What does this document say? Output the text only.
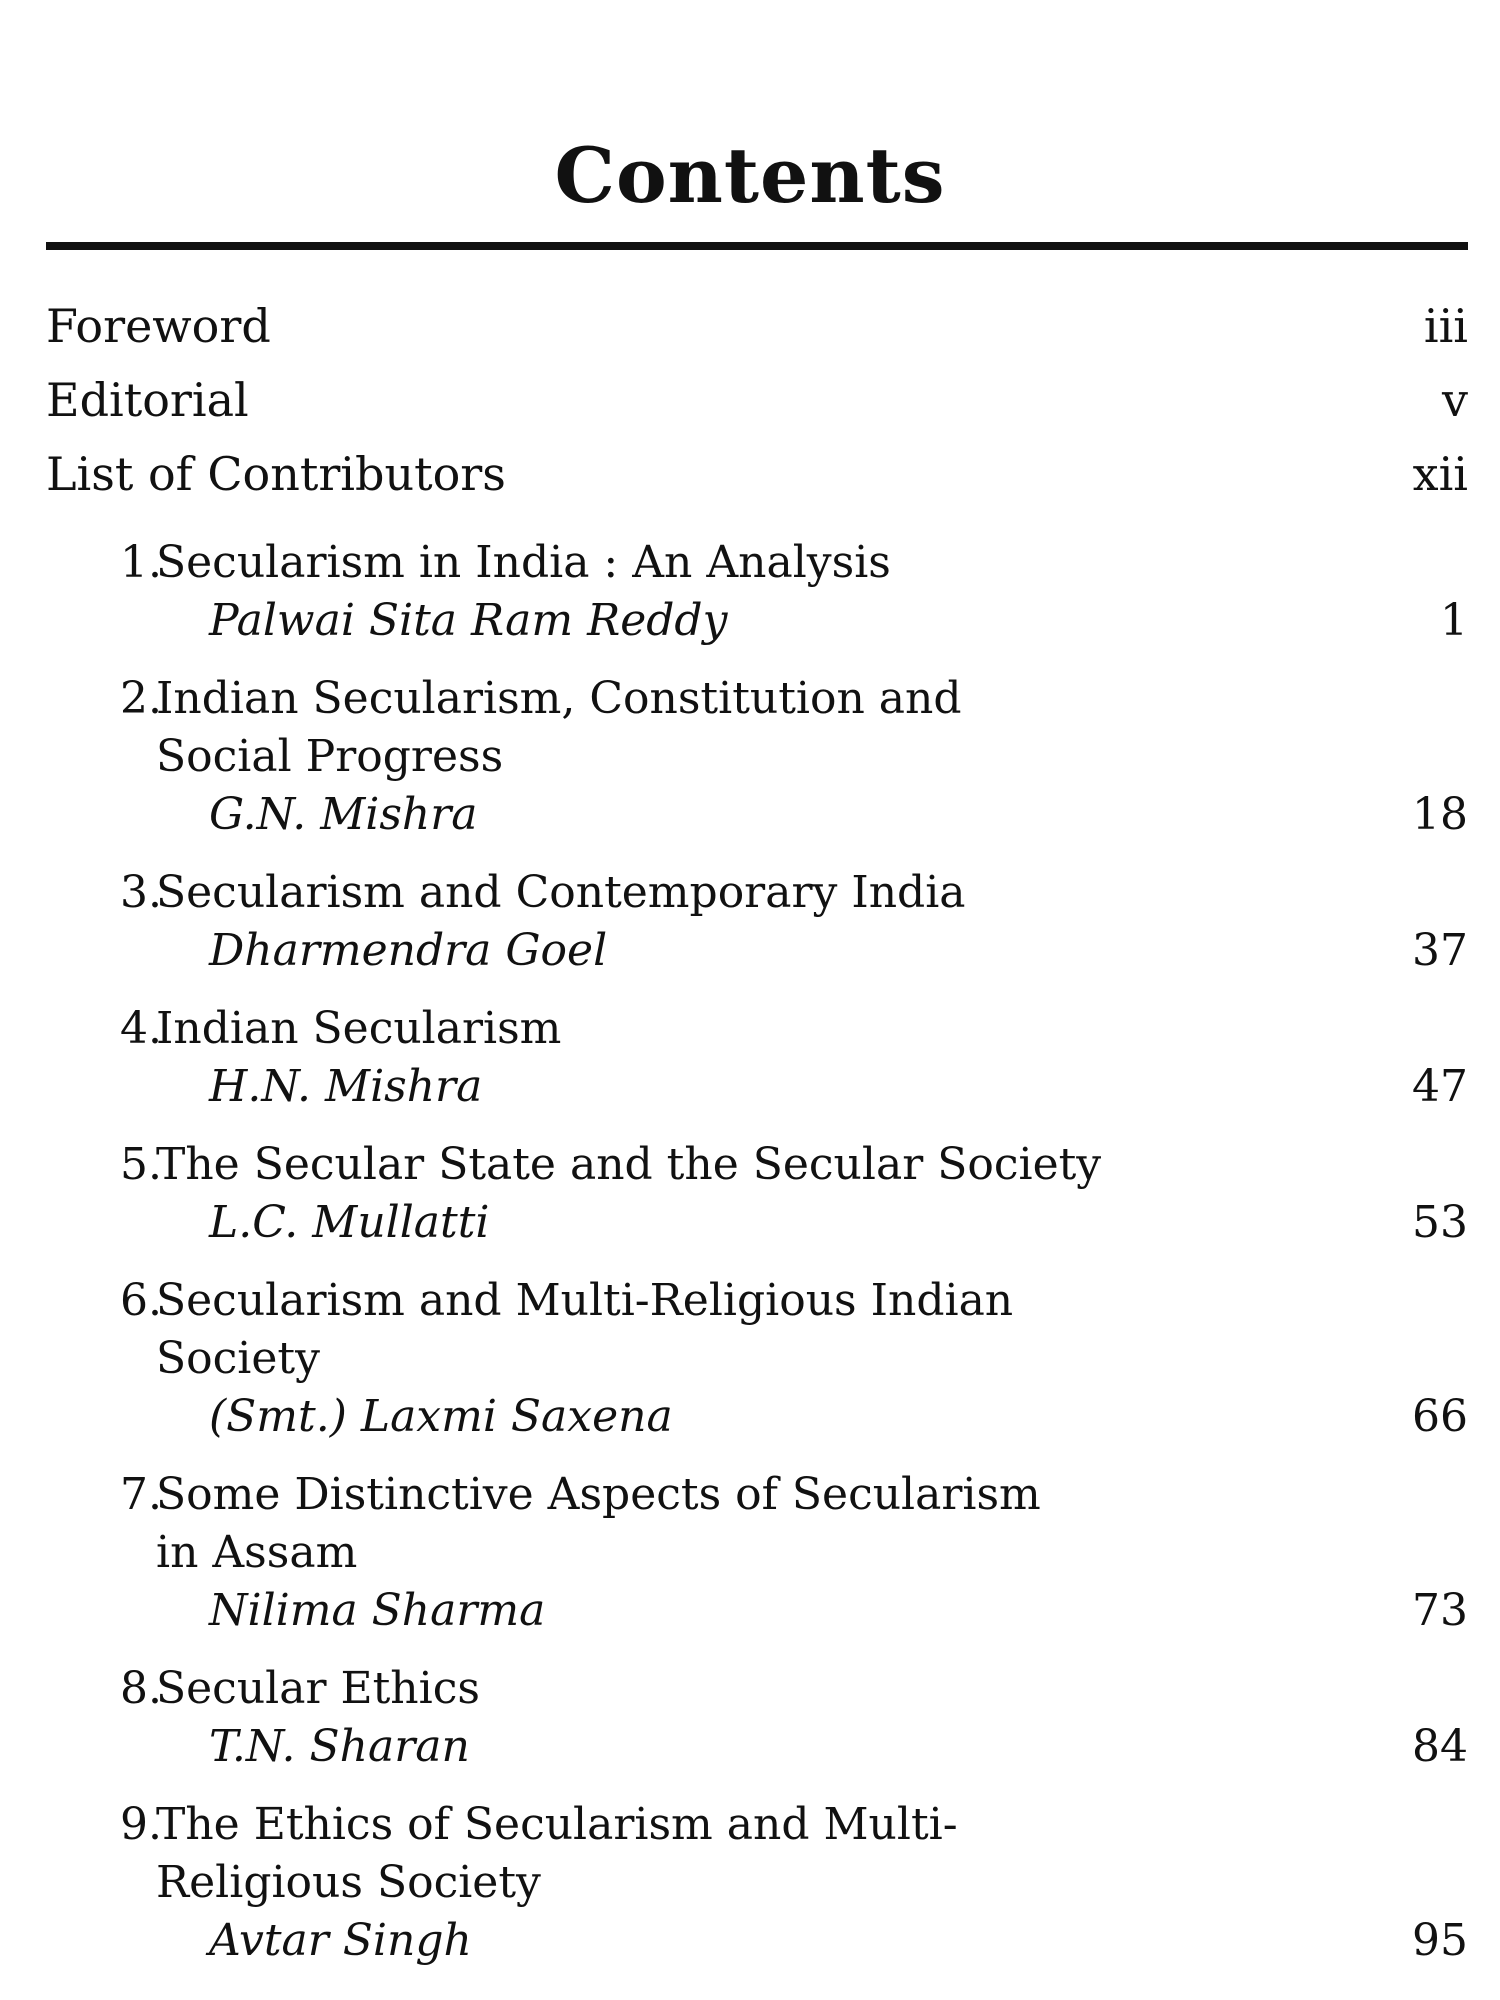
Contents
Foreword	iii
Editorial	v
List of Contributors	xii
1.
Secularism in India : An Analysis
Palwai Sita Ram Reddy	1
2.
Indian Secularism, Constitution and
Social Progress
G.N. Mishra	18
3.
Secularism and Contemporary India
Dharmendra Goel	37
4.
Indian Secularism
H.N. Mishra	47
5.
The Secular State and the Secular Society
L.C. Mullatti	53
6.
Secularism and Multi-Religious Indian
Society
(Smt.) Laxmi Saxena	66
7.
Some Distinctive Aspects of Secularism
in Assam
Nilima Sharma	73
8.
Secular Ethics
T.N. Sharan	84
9.
The Ethics of Secularism and Multi-
Religious Society
Avtar Singh	95
